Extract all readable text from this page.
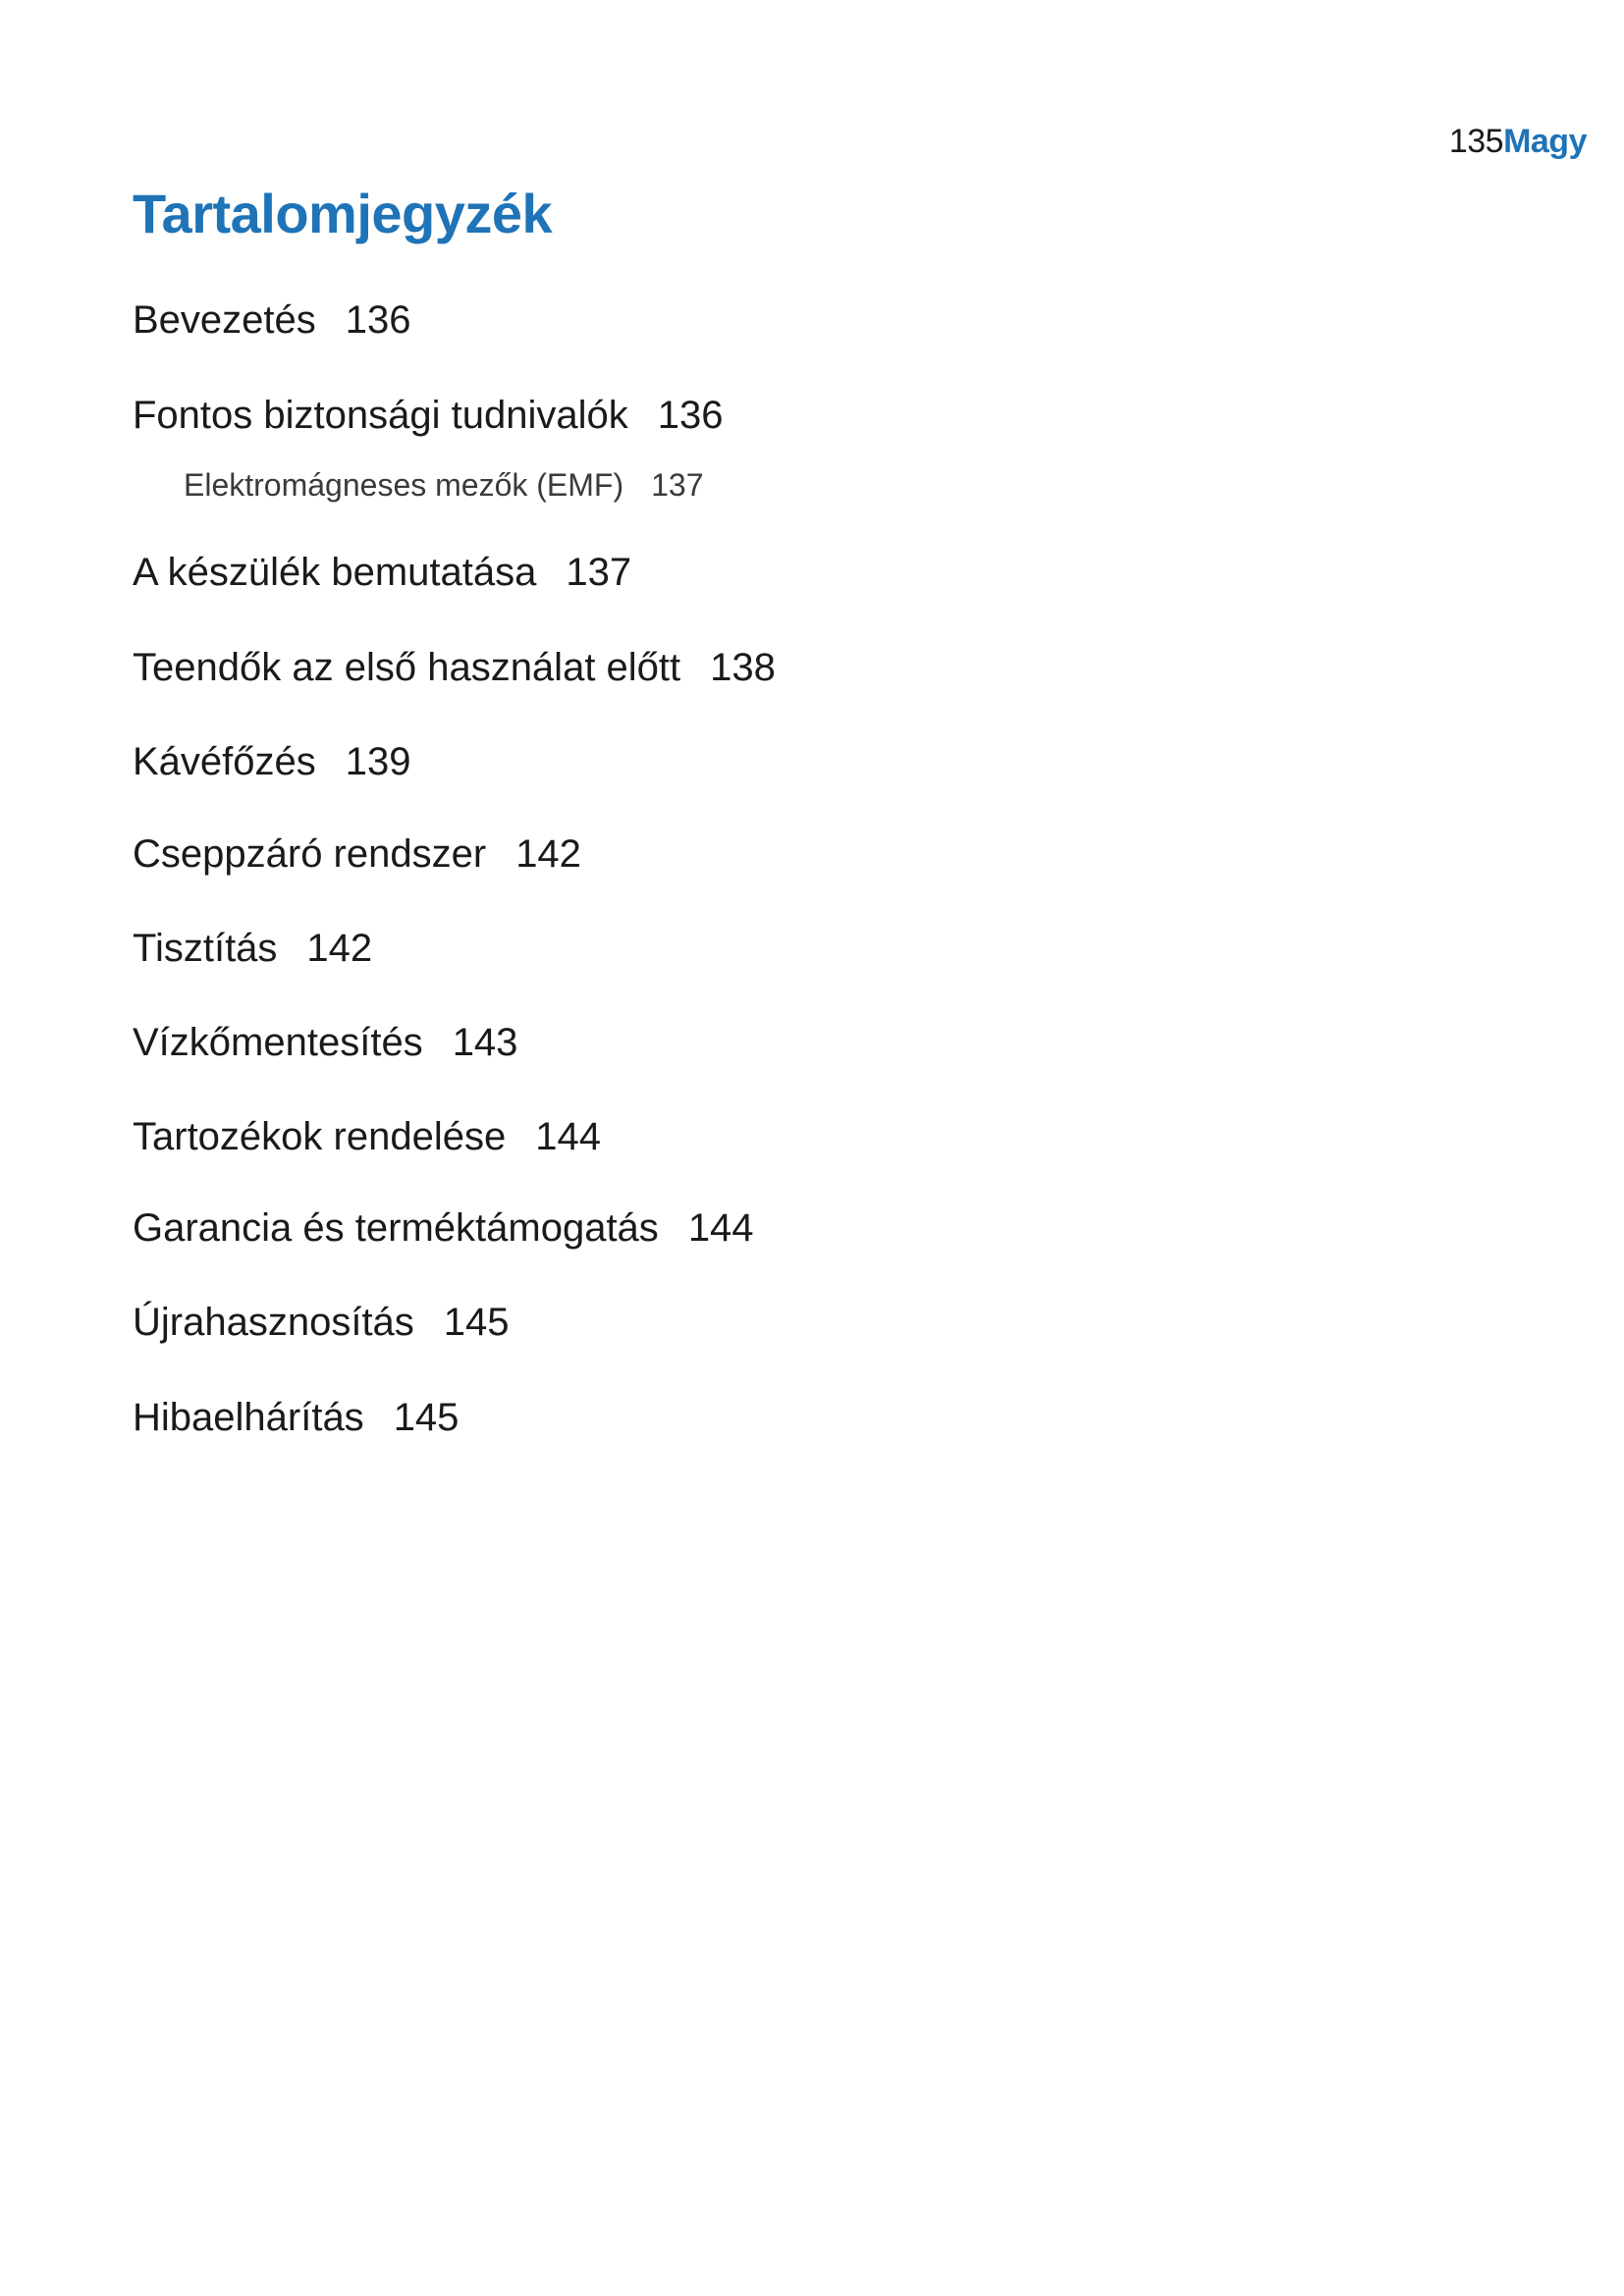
135Magy
Tartalomjegyzék
Bevezetés 136
Fontos biztonsági tudnivalók 136
Elektromágneses mezők (EMF) 137
A készülék bemutatása 137
Teendők az első használat előtt 138
Kávéfőzés 139
Cseppzáró rendszer 142
Tisztítás 142
Vízkőmentesítés 143
Tartozékok rendelése 144
Garancia és terméktámogatás 144
Újrahasznosítás 145
Hibaelhárítás 145
